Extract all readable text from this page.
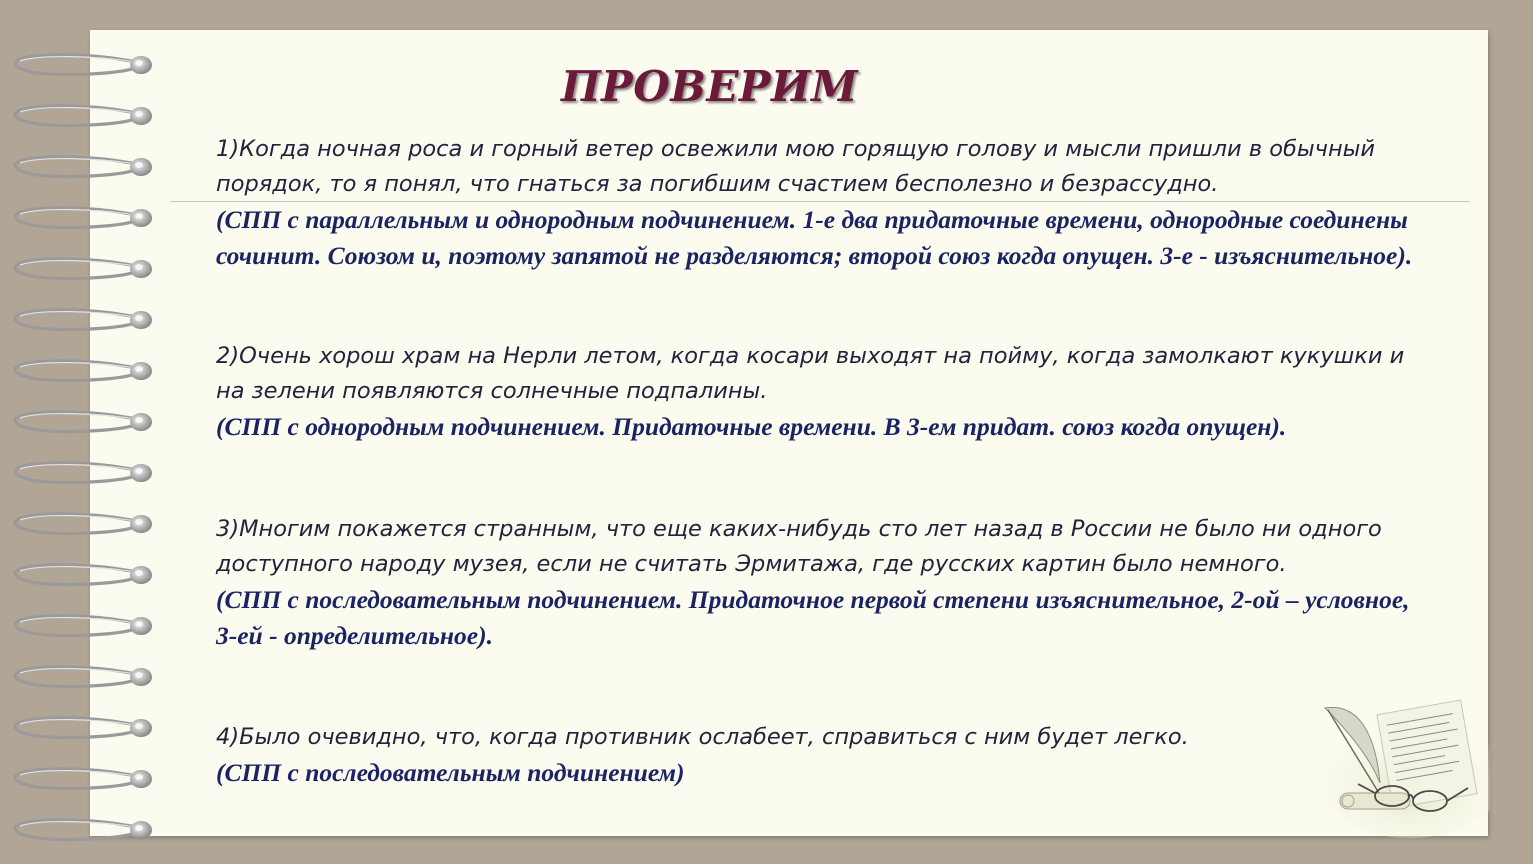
ПРОВЕРИМ

1)Когда ночная роса и горный ветер освежили мою горящую голову и мысли пришли в обычный порядок, то я понял, что гнаться за погибшим счастием бесполезно и безрассудно.

(СПП с параллельным и однородным подчинением. 1-е два придаточные времени, однородные соединены сочинит. Союзом и, поэтому запятой не разделяются; второй союз когда опущен. 3-е - изъяснительное).

2)Очень хорош храм на Нерли летом, когда косари выходят на пойму, когда замолкают кукушки и на зелени появляются солнечные подпалины.

(СПП с однородным подчинением. Придаточные времени. В 3-ем придат. союз когда опущен).

3)Многим покажется странным, что еще каких-нибудь сто лет назад в России не было ни одного доступного народу музея, если не считать Эрмитажа, где русских картин было немного.

(СПП с последовательным подчинением. Придаточное первой степени изъяснительное, 2-ой – условное, 3-ей - определительное).

4)Было очевидно, что, когда противник ослабеет, справиться с ним будет легко.

(СПП с последовательным подчинением)
